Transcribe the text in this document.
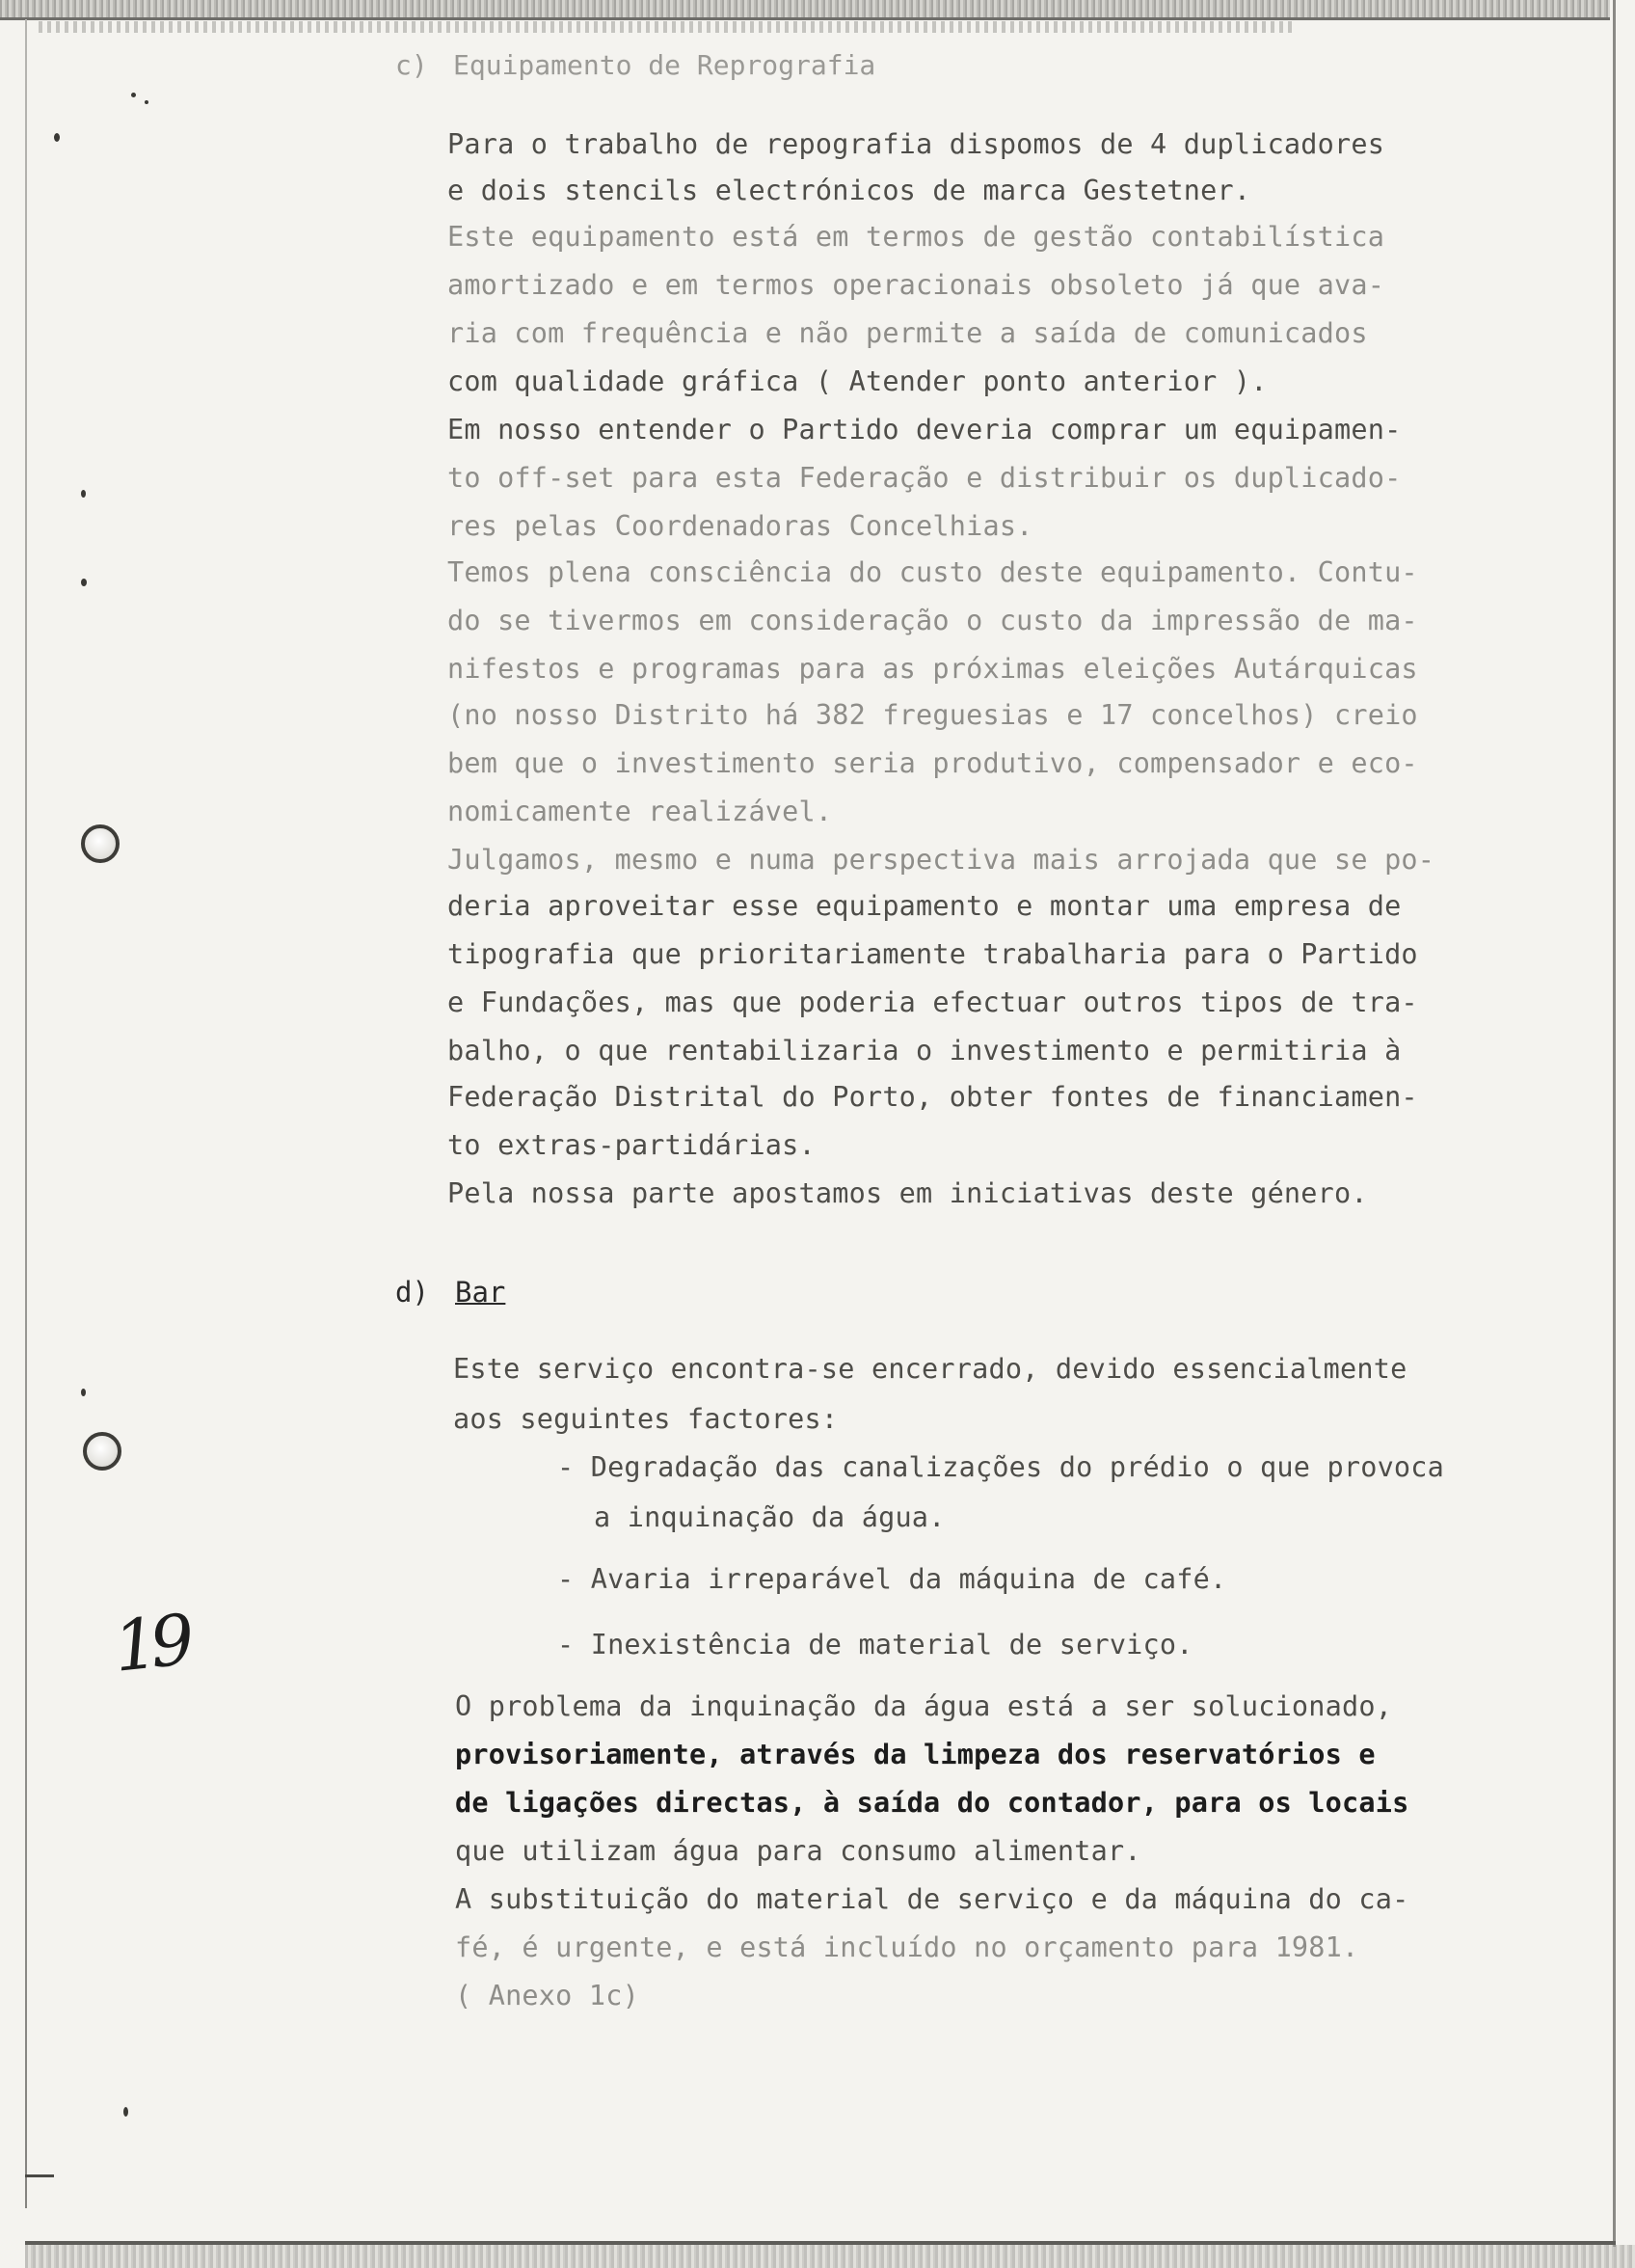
19
c) Equipamento de Reprografia
Para o trabalho de repografia dispomos de 4 duplicadores
e dois stencils electrónicos de marca Gestetner.
Este equipamento está em termos de gestão contabilística
amortizado e em termos operacionais obsoleto já que ava-
ria com frequência e não permite a saída de comunicados
com qualidade gráfica ( Atender ponto anterior ).
Em nosso entender o Partido deveria comprar um equipamen-
to off-set para esta Federação e distribuir os duplicado-
res pelas Coordenadoras Concelhias.
Temos plena consciência do custo deste equipamento. Contu-
do se tivermos em consideração o custo da impressão de ma-
nifestos e programas para as próximas eleições Autárquicas
(no nosso Distrito há 382 freguesias e 17 concelhos) creio
bem que o investimento seria produtivo, compensador e eco-
nomicamente realizável.
Julgamos, mesmo e numa perspectiva mais arrojada que se po-
deria aproveitar esse equipamento e montar uma empresa de
tipografia que prioritariamente trabalharia para o Partido
e Fundações, mas que poderia efectuar outros tipos de tra-
balho, o que rentabilizaria o investimento e permitiria à
Federação Distrital do Porto, obter fontes de financiamen-
to extras-partidárias.
Pela nossa parte apostamos em iniciativas deste género.
d) Bar
Este serviço encontra-se encerrado, devido essencialmente
aos seguintes factores:
- Degradação das canalizações do prédio o que provoca
a inquinação da água.
- Avaria irreparável da máquina de café.
- Inexistência de material de serviço.
O problema da inquinação da água está a ser solucionado,
provisoriamente, através da limpeza dos reservatórios e
de ligações directas, à saída do contador, para os locais
que utilizam água para consumo alimentar.
A substituição do material de serviço e da máquina do ca-
fé, é urgente, e está incluído no orçamento para 1981.
( Anexo 1c)
